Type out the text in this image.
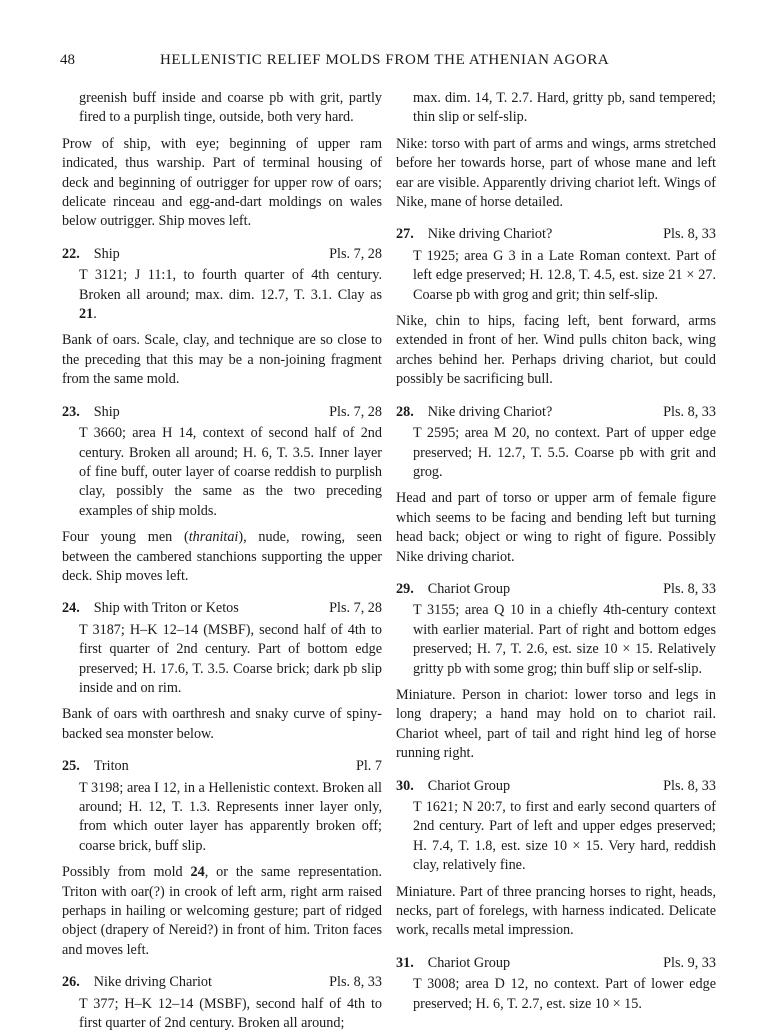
48	HELLENISTIC RELIEF MOLDS FROM THE ATHENIAN AGORA

greenish buff inside and coarse pb with grit, partly fired to a purplish tinge, outside, both very hard.

Prow of ship, with eye; beginning of upper ram indicated, thus warship. Part of terminal housing of deck and beginning of outrigger for upper row of oars; delicate rinceau and egg-and-dart moldings on wales below outrigger. Ship moves left.

22. Ship	Pls. 7, 28

T 3121; J 11:1, to fourth quarter of 4th century. Broken all around; max. dim. 12.7, T. 3.1. Clay as 21.

Bank of oars. Scale, clay, and technique are so close to the preceding that this may be a non-joining fragment from the same mold.

23. Ship	Pls. 7, 28

T 3660; area H 14, context of second half of 2nd century. Broken all around; H. 6, T. 3.5. Inner layer of fine buff, outer layer of coarse reddish to purplish clay, possibly the same as the two preceding examples of ship molds.

Four young men (thranitai), nude, rowing, seen between the cambered stanchions supporting the upper deck. Ship moves left.

24. Ship with Triton or Ketos	Pls. 7, 28

T 3187; H–K 12–14 (MSBF), second half of 4th to first quarter of 2nd century. Part of bottom edge preserved; H. 17.6, T. 3.5. Coarse brick; dark pb slip inside and on rim.

Bank of oars with oarthresh and snaky curve of spiny-backed sea monster below.

25. Triton	Pl. 7

T 3198; area I 12, in a Hellenistic context. Broken all around; H. 12, T. 1.3. Represents inner layer only, from which outer layer has apparently broken off; coarse brick, buff slip.

Possibly from mold 24, or the same representation. Triton with oar(?) in crook of left arm, right arm raised perhaps in hailing or welcoming gesture; part of ridged object (drapery of Nereid?) in front of him. Triton faces and moves left.

26. Nike driving Chariot	Pls. 8, 33

T 377; H–K 12–14 (MSBF), second half of 4th to first quarter of 2nd century. Broken all around;

max. dim. 14, T. 2.7. Hard, gritty pb, sand tempered; thin slip or self-slip.

Nike: torso with part of arms and wings, arms stretched before her towards horse, part of whose mane and left ear are visible. Apparently driving chariot left. Wings of Nike, mane of horse detailed.

27. Nike driving Chariot?	Pls. 8, 33

T 1925; area G 3 in a Late Roman context. Part of left edge preserved; H. 12.8, T. 4.5, est. size 21 × 27. Coarse pb with grog and grit; thin self-slip.

Nike, chin to hips, facing left, bent forward, arms extended in front of her. Wind pulls chiton back, wing arches behind her. Perhaps driving chariot, but could possibly be sacrificing bull.

28. Nike driving Chariot?	Pls. 8, 33

T 2595; area M 20, no context. Part of upper edge preserved; H. 12.7, T. 5.5. Coarse pb with grit and grog.

Head and part of torso or upper arm of female figure which seems to be facing and bending left but turning head back; object or wing to right of figure. Possibly Nike driving chariot.

29. Chariot Group	Pls. 8, 33

T 3155; area Q 10 in a chiefly 4th-century context with earlier material. Part of right and bottom edges preserved; H. 7, T. 2.6, est. size 10 × 15. Relatively gritty pb with some grog; thin buff slip or self-slip.

Miniature. Person in chariot: lower torso and legs in long drapery; a hand may hold on to chariot rail. Chariot wheel, part of tail and right hind leg of horse running right.

30. Chariot Group	Pls. 8, 33

T 1621; N 20:7, to first and early second quarters of 2nd century. Part of left and upper edges preserved; H. 7.4, T. 1.8, est. size 10 × 15. Very hard, reddish clay, relatively fine.

Miniature. Part of three prancing horses to right, heads, necks, part of forelegs, with harness indicated. Delicate work, recalls metal impression.

31. Chariot Group	Pls. 9, 33

T 3008; area D 12, no context. Part of lower edge preserved; H. 6, T. 2.7, est. size 10 × 15.
